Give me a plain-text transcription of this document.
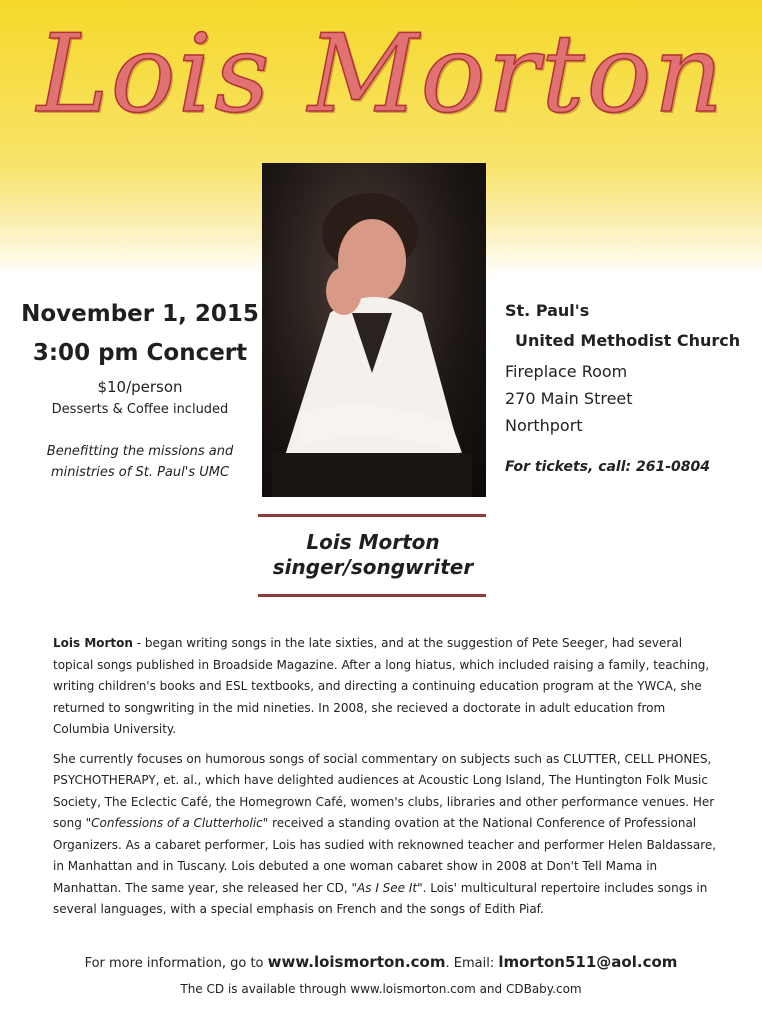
Lois Morton

November 1, 2015

3:00 pm Concert

$10/person

Desserts & Coffee included

Benefitting the missions and
ministries of St. Paul's UMC

St. Paul's

United Methodist Church

Fireplace Room
270 Main Street
Northport

For tickets, call: 261-0804

Lois Morton
singer/songwriter

Lois Morton - began writing songs in the late sixties, and at the suggestion of Pete Seeger, had several topical songs published in Broadside Magazine. After a long hiatus, which included raising a family, teaching, writing children's books and ESL textbooks, and directing a continuing education program at the YWCA, she returned to songwriting in the mid nineties. In 2008, she recieved a doctorate in adult education from Columbia University.

She currently focuses on humorous songs of social commentary on subjects such as CLUTTER, CELL PHONES, PSYCHOTHERAPY, et. al., which have delighted audiences at Acoustic Long Island, The Huntington Folk Music Society, The Eclectic Café, the Homegrown Café, women's clubs, libraries and other performance venues. Her song "Confessions of a Clutterholic" received a standing ovation at the National Conference of Professional Organizers. As a cabaret performer, Lois has sudied with reknowned teacher and performer Helen Baldassare, in Manhattan and in Tuscany. Lois debuted a one woman cabaret show in 2008 at Don't Tell Mama in Manhattan. The same year, she released her CD, "As I See It". Lois' multicultural repertoire includes songs in several languages, with a special emphasis on French and the songs of Edith Piaf.

For more information, go to www.loismorton.com. Email: lmorton511@aol.com
The CD is available through www.loismorton.com and CDBaby.com
